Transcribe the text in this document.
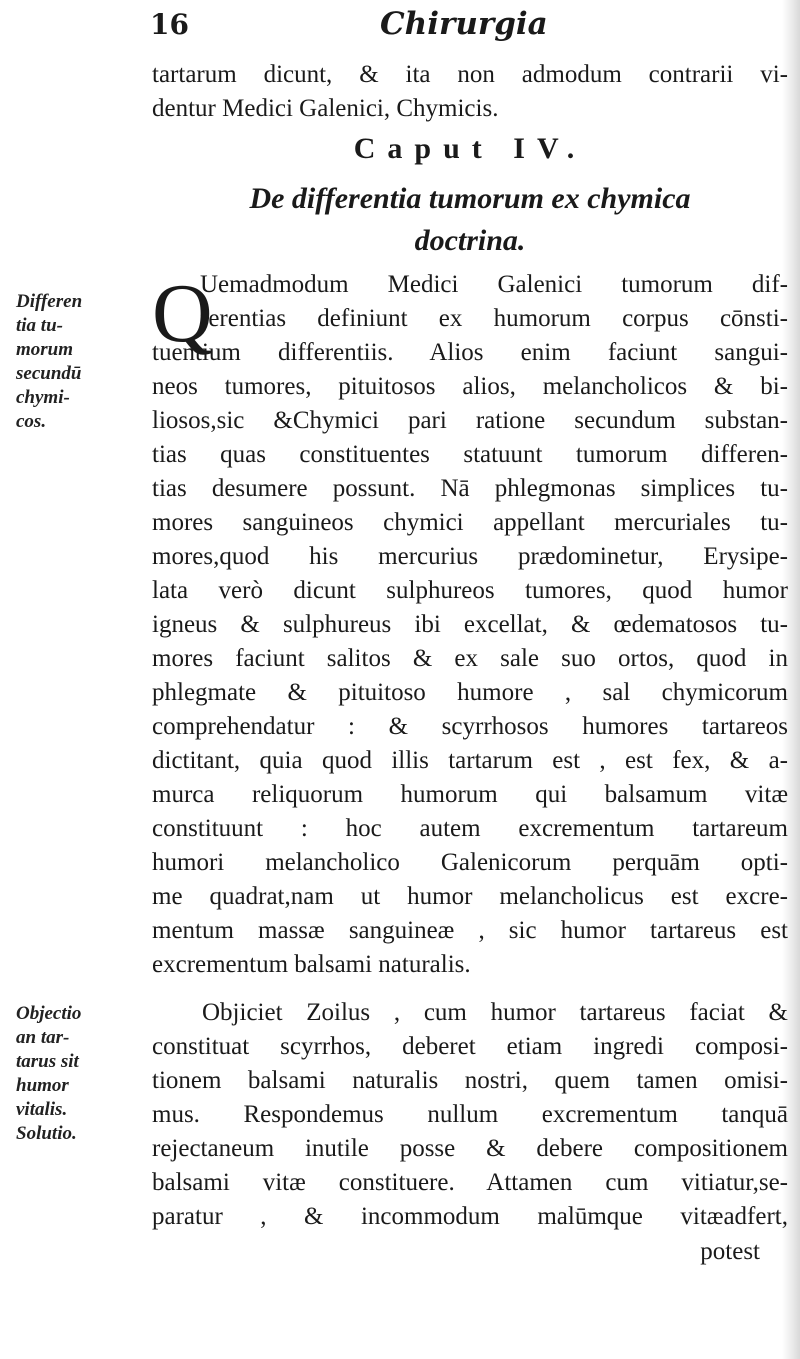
16	Chirurgia
tartarum dicunt, & ita non admodum contrarii vi-
dentur Medici Galenici, Chymicis.
Caput IV.
De differentia tumorum ex chymica
doctrina.
Differen
tia tu-
morum
secundū
chymi-
cos.
Q
Uemadmodum Medici Galenici tumorum dif-
ferentias definiunt ex humorum corpus cōnsti-
tuentium differentiis. Alios enim faciunt sangui-
neos tumores, pituitosos alios, melancholicos & bi-
liosos,sic &Chymici pari ratione secundum substan-
tias quas constituentes statuunt tumorum differen-
tias desumere possunt. Nā phlegmonas simplices tu-
mores sanguineos chymici appellant mercuriales tu-
mores,quod his mercurius prædominetur, Erysipe-
lata verò dicunt sulphureos tumores, quod humor
igneus & sulphureus ibi excellat, & œdematosos tu-
mores faciunt salitos & ex sale suo ortos, quod in
phlegmate & pituitoso humore , sal chymicorum
comprehendatur : & scyrrhosos humores tartareos
dictitant, quia quod illis tartarum est , est fex, & a-
murca reliquorum humorum qui balsamum vitæ
constituunt : hoc autem excrementum tartareum
humori melancholico Galenicorum perquām opti-
me quadrat,nam ut humor melancholicus est excre-
mentum massæ sanguineæ , sic humor tartareus est
excrementum balsami naturalis.
Objectio
an tar-
tarus sit
humor
vitalis.
Solutio.
Objiciet Zoilus , cum humor tartareus faciat &
constituat scyrrhos, deberet etiam ingredi composi-
tionem balsami naturalis nostri, quem tamen omisi-
mus. Respondemus nullum excrementum tanquā
rejectaneum inutile posse & debere compositionem
balsami vitæ constituere. Attamen cum vitiatur,se-
paratur , & incommodum malūmque vitæadfert,
potest
